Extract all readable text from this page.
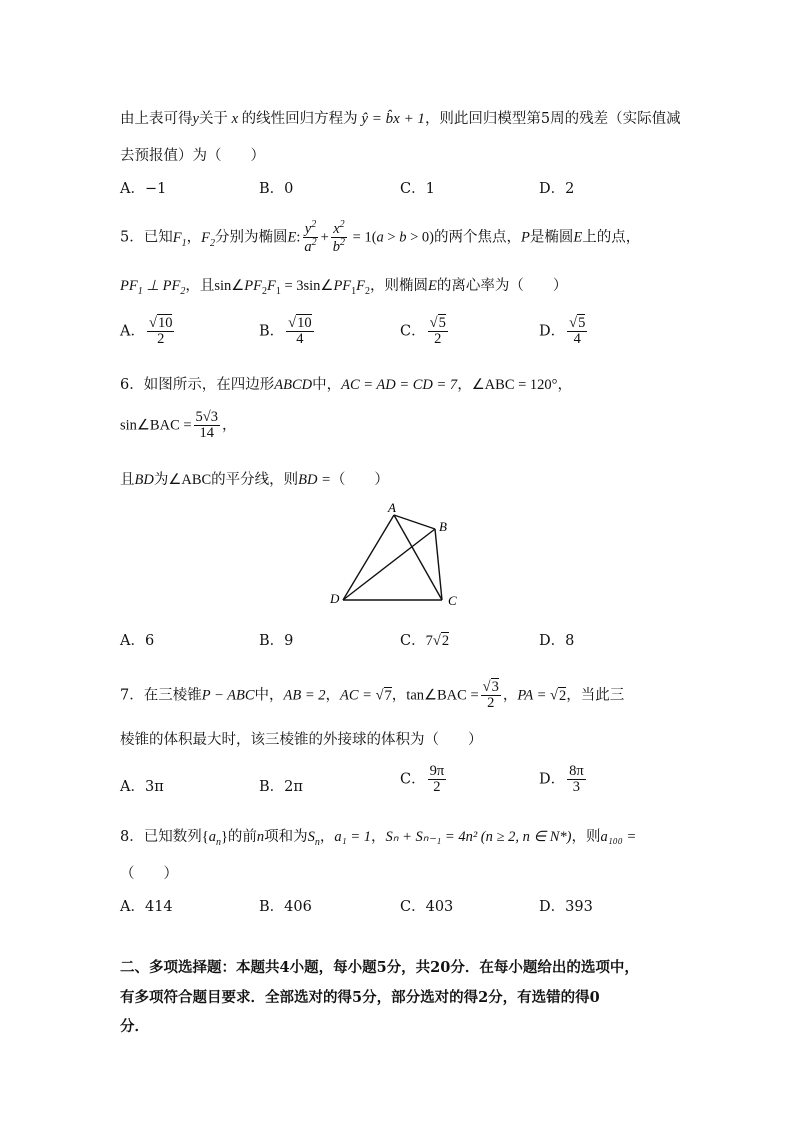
由上表可得y关于 x 的线性回归方程为 ŷ = b̂x + 1，则此回归模型第5周的残差（实际值减
去预报值）为（　　）
A．−1	B．0	C．1	D．2
5．已知$F_1$，$F_2$分别为椭圆E: $\frac{y^2}{a^2} + \frac{x^2}{b^2} = 1(a > b > 0)$的两个焦点，P是椭圆E上的点，
$PF_1$ ⊥ $PF_2$，且$\sin\angle PF_2F_1$ = $3\sin\angle PF_1F_2$，则椭圆E的离心率为（　　）
A． $\frac{√10}{2}$	B． $\frac{√10}{4}$	C． $\frac{√5}{2}$	D． $\frac{√5}{4}$
6．如图所示，在四边形ABCD中，AC = AD = CD = 7，∠ABC = 120°，
sin∠BAC = $\frac{5√3}{14}$ ，
且BD为∠ABC的平分线，则BD =（　　）
A
B
C
D
A．6	B．9	C．7√2	D．8
7．在三棱锥P − ABC中，AB = 2，AC = √7，tan∠BAC = $\frac{√3}{2}$ ，PA = √2，当此三
棱锥的体积最大时，该三棱锥的外接球的体积为（　　）
A．3π	B．2π	C． $\frac{9\pi}{2}$	D． $\frac{8\pi}{3}$
8．已知数列$\{a_n\}$的前n项和为$S_n$，a₁ = 1，Sₙ + Sₙ₋₁ = 4n² (n ≥ 2, n ∈ N*)，则a₁₀₀ =
（　　）
A．414	B．406	C．403	D．393
二、多项选择题：本题共4小题，每小题5分，共20分．在每小题给出的选项中，
有多项符合题目要求．全部选对的得5分，部分选对的得2分，有选错的得0
分．
